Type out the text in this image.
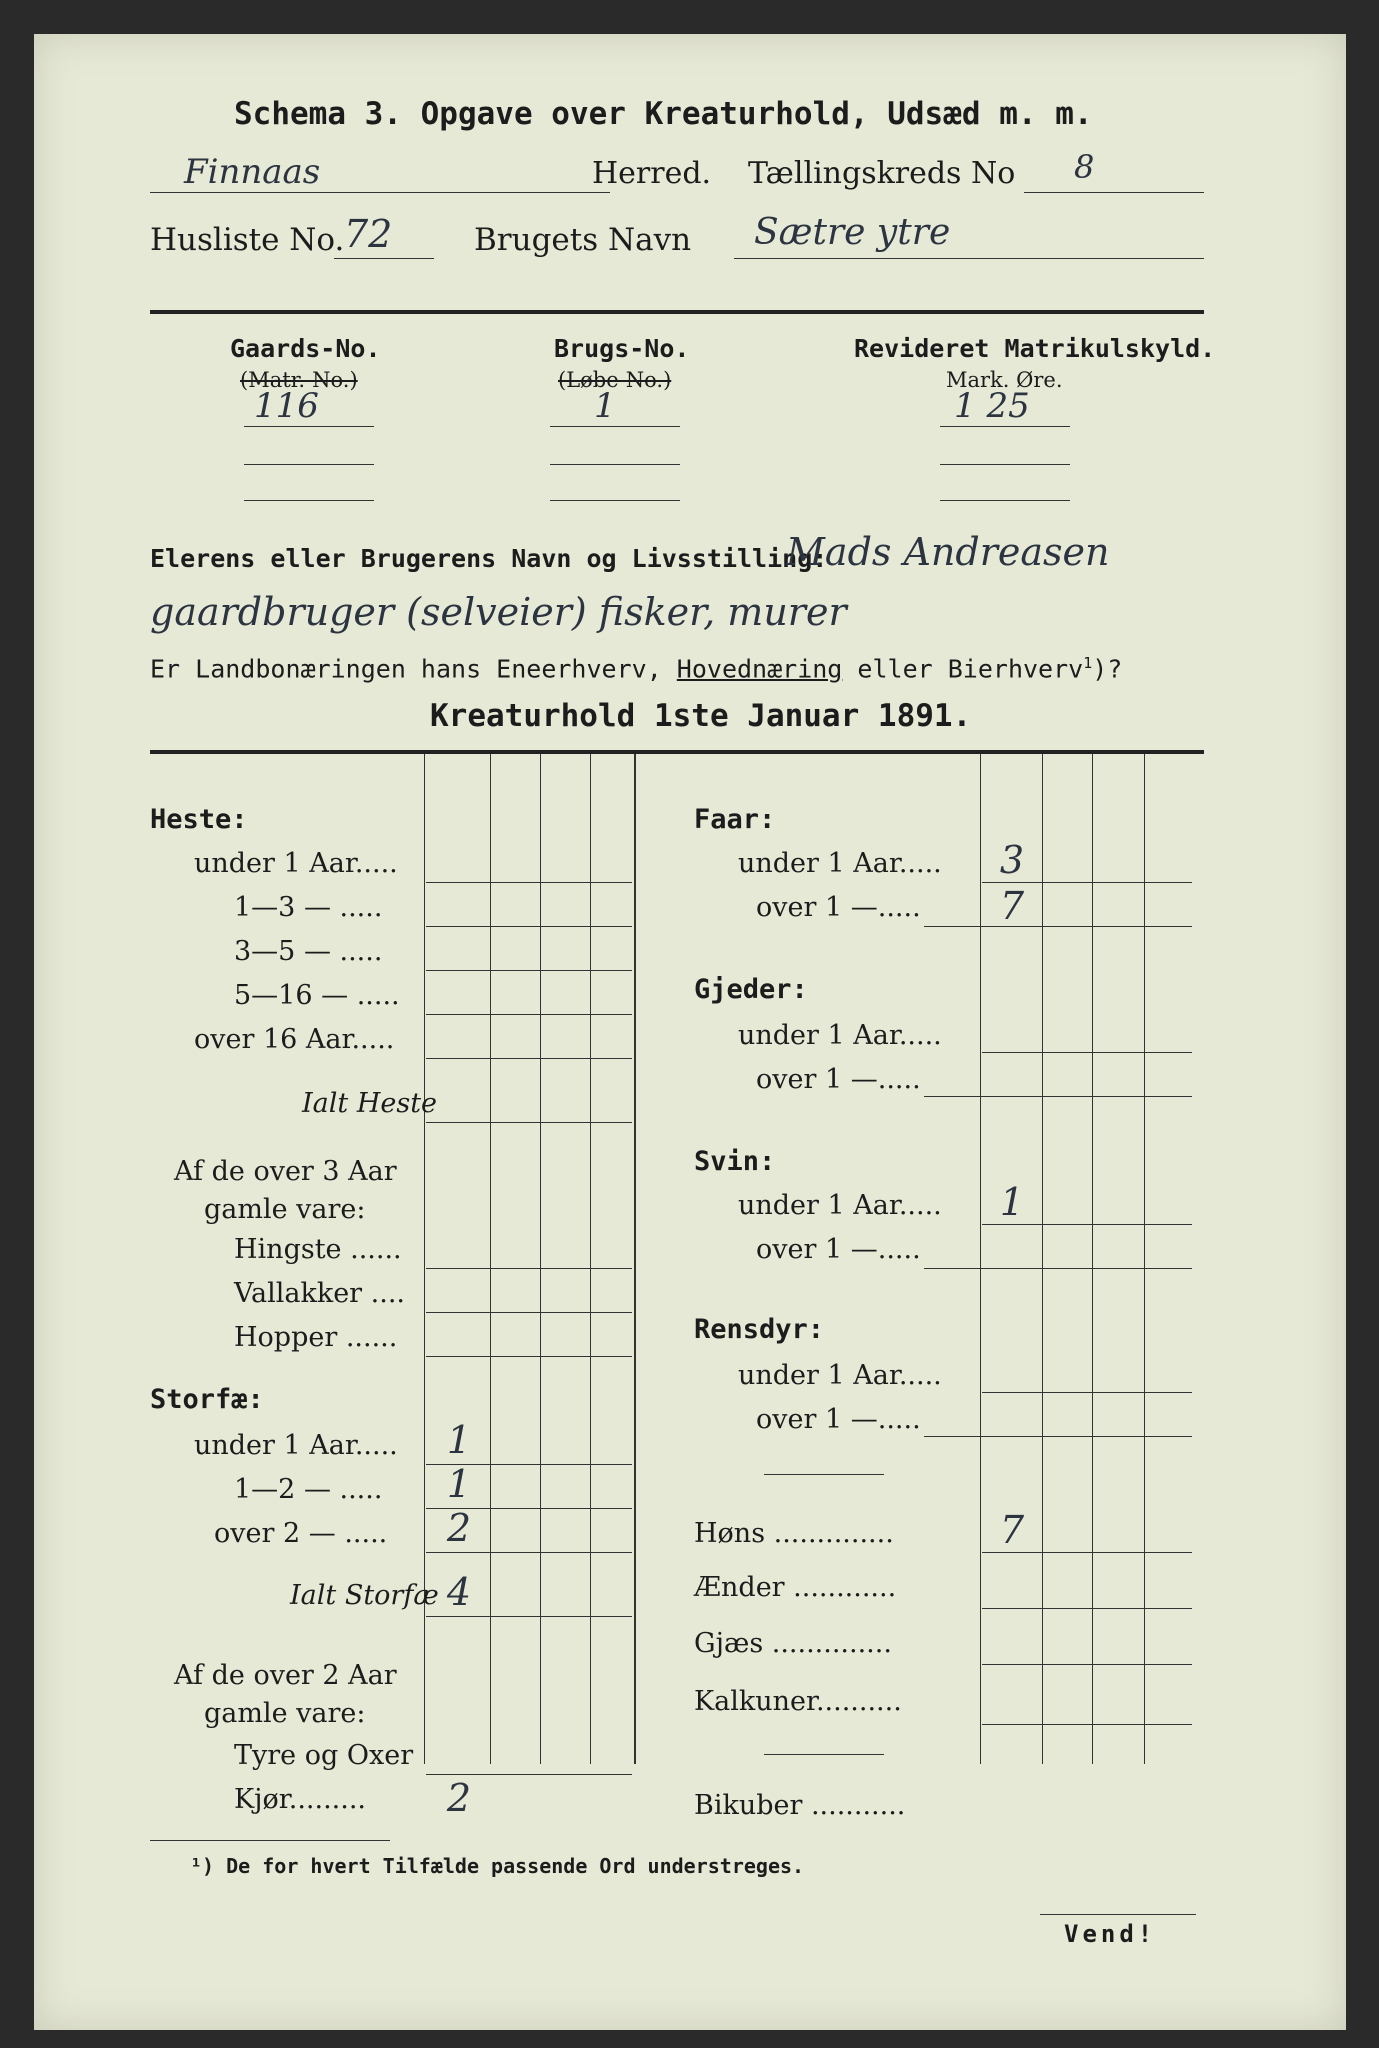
Schema 3. Opgave over Kreaturhold, Udsæd m. m.
Finnaas	Herred. Tællingskreds No 8
Husliste No. 72	Brugets Navn Sætre ytre
Gaards-No.
(Matr.-No.)
116
Brugs-No.
(Løbe-No.)
1
Revideret Matrikulskyld.
Mark. Øre.
1 25
Elerens eller Brugerens Navn og Livsstilling:
Mads Andreasen
gaardbruger (selveier) fisker, murer
Er Landbonæringen hans Eneerhverv, Hovednæring eller Bierhverv$^1$)?
Kreaturhold 1ste Januar 1891.
Heste:
under 1 Aar.....
1—3 — .....
3—5 — .....
5—16 — .....
over 16 Aar.....
Ialt Heste
Af de over 3 Aar
gamle vare:
Hingste ......
Vallakker ....
Hopper ......
Storfæ:
under 1 Aar.....
1—2 — .....
over 2 — .....
Ialt Storfæ
Af de over 2 Aar
gamle vare:
Tyre og Oxer
Kjør.........
1
1
2
4
2
Faar:
under 1 Aar.....
over 1 —.....
Gjeder:
under 1 Aar.....
over 1 —.....
Svin:
under 1 Aar.....
over 1 —.....
Rensdyr:
under 1 Aar.....
over 1 —.....
Høns ..............
Ænder ............
Gjæs ..............
Kalkuner..........
Bikuber ...........
3
7
1
7
¹) De for hvert Tilfælde passende Ord understreges.
Vend!
